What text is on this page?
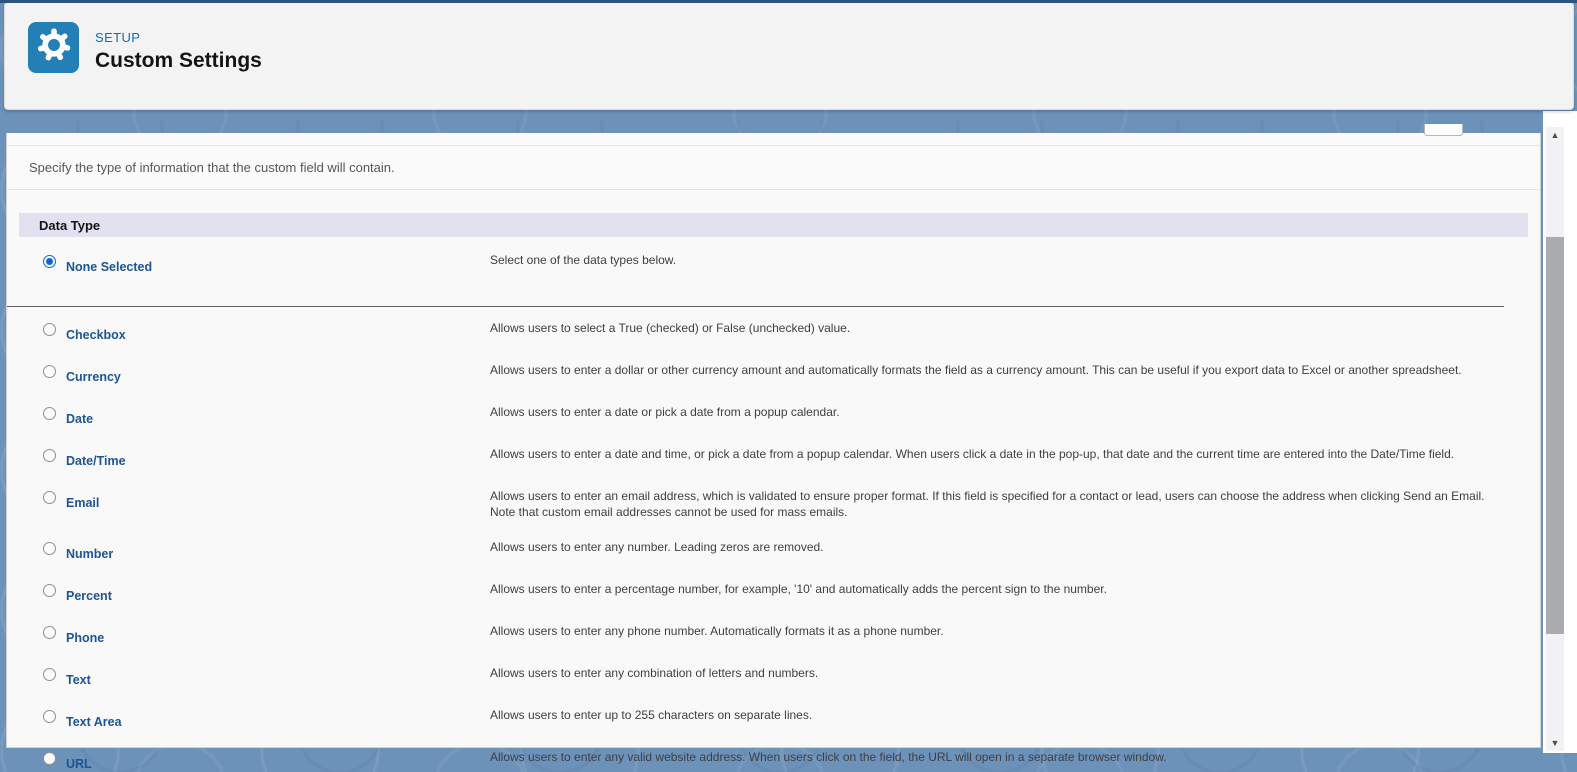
SETUP
Custom Settings
Specify the type of information that the custom field will contain.
Data Type
None Selected	Select one of the data types below.
Checkbox	Allows users to select a True (checked) or False (unchecked) value.
Currency	Allows users to enter a dollar or other currency amount and automatically formats the field as a currency amount. This can be useful if you export data to Excel or another spreadsheet.
Date	Allows users to enter a date or pick a date from a popup calendar.
Date/Time	Allows users to enter a date and time, or pick a date from a popup calendar. When users click a date in the pop-up, that date and the current time are entered into the Date/Time field.
Email	Allows users to enter an email address, which is validated to ensure proper format. If this field is specified for a contact or lead, users can choose the address when clicking Send an Email. Note that custom email addresses cannot be used for mass emails.
Number	Allows users to enter any number. Leading zeros are removed.
Percent	Allows users to enter a percentage number, for example, '10' and automatically adds the percent sign to the number.
Phone	Allows users to enter any phone number. Automatically formats it as a phone number.
Text	Allows users to enter any combination of letters and numbers.
Text Area	Allows users to enter up to 255 characters on separate lines.
URL	Allows users to enter any valid website address. When users click on the field, the URL will open in a separate browser window.
▲
▼
